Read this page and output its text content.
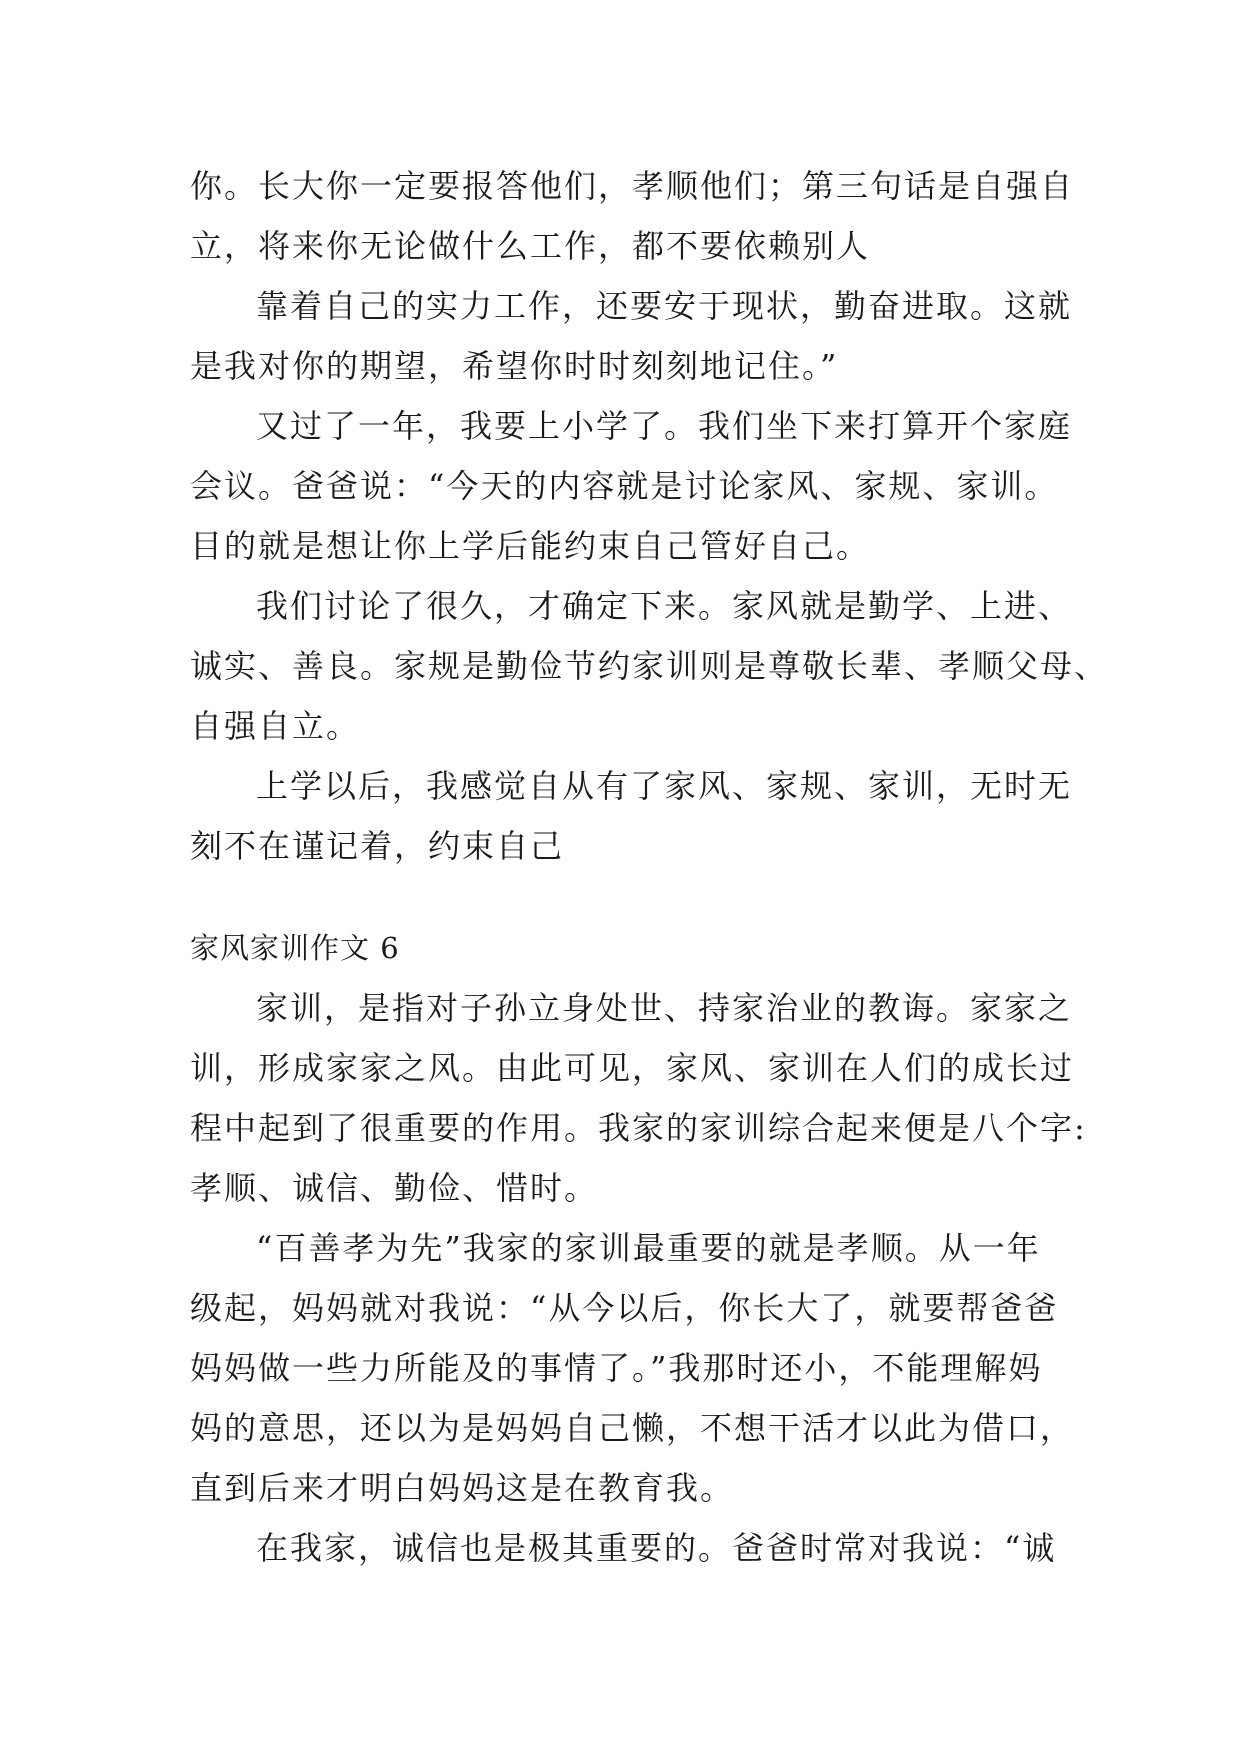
你。长大你一定要报答他们，孝顺他们；第三句话是自强自
立，将来你无论做什么工作，都不要依赖别人
靠着自己的实力工作，还要安于现状，勤奋进取。这就
是我对你的期望，希望你时时刻刻地记住。”
又过了一年，我要上小学了。我们坐下来打算开个家庭
会议。爸爸说：“今天的内容就是讨论家风、家规、家训。
目的就是想让你上学后能约束自己管好自己。
我们讨论了很久，才确定下来。家风就是勤学、上进、
诚实、善良。家规是勤俭节约家训则是尊敬长辈、孝顺父母、
自强自立。
上学以后，我感觉自从有了家风、家规、家训，无时无
刻不在谨记着，约束自己
家风家训作文 6
家训，是指对子孙立身处世、持家治业的教诲。家家之
训，形成家家之风。由此可见，家风、家训在人们的成长过
程中起到了很重要的作用。我家的家训综合起来便是八个字:
孝顺、诚信、勤俭、惜时。
“百善孝为先”我家的家训最重要的就是孝顺。从一年
级起，妈妈就对我说：“从今以后，你长大了，就要帮爸爸
妈妈做一些力所能及的事情了。”我那时还小，不能理解妈
妈的意思，还以为是妈妈自己懒，不想干活才以此为借口，
直到后来才明白妈妈这是在教育我。
在我家，诚信也是极其重要的。爸爸时常对我说：“诚
